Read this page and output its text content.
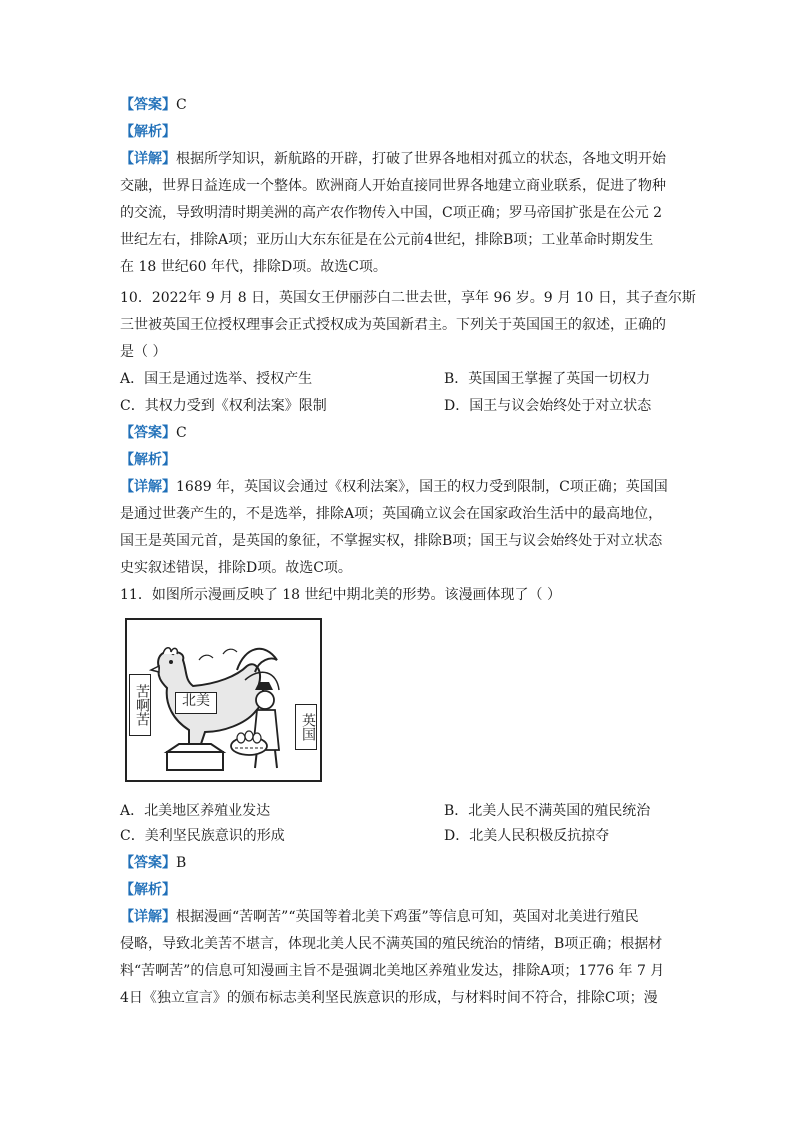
【答案】C
【解析】
【详解】根据所学知识，新航路的开辟，打破了世界各地相对孤立的状态，各地文明开始
交融，世界日益连成一个整体。欧洲商人开始直接同世界各地建立商业联系，促进了物种
的交流，导致明清时期美洲的高产农作物传入中国，C项正确；罗马帝国扩张是在公元 2
世纪左右，排除A项；亚历山大东东征是在公元前4世纪，排除B项；工业革命时期发生
在 18 世纪60 年代，排除D项。故选C项。
10．2022年 9 月 8 日，英国女王伊丽莎白二世去世，享年 96 岁。9 月 10 日，其子查尔斯
三世被英国王位授权理事会正式授权成为英国新君主。下列关于英国国王的叙述，正确的
是（ ）
A．国王是通过选举、授权产生	B．英国国王掌握了英国一切权力
C．其权力受到《权利法案》限制	D．国王与议会始终处于对立状态
【答案】C
【解析】
【详解】1689 年，英国议会通过《权利法案》，国王的权力受到限制，C项正确；英国国
是通过世袭产生的，不是选举，排除A项；英国确立议会在国家政治生活中的最高地位，
国王是英国元首，是英国的象征，不掌握实权，排除B项；国王与议会始终处于对立状态
史实叙述错误，排除D项。故选C项。
11．如图所示漫画反映了 18 世纪中期北美的形势。该漫画体现了（ ）
苦啊苦	北美
英国
A．北美地区养殖业发达	B．北美人民不满英国的殖民统治
C．美利坚民族意识的形成	D．北美人民积极反抗掠夺
【答案】B
【解析】
【详解】根据漫画“苦啊苦”“英国等着北美下鸡蛋”等信息可知，英国对北美进行殖民
侵略，导致北美苦不堪言，体现北美人民不满英国的殖民统治的情绪，B项正确；根据材
料“苦啊苦”的信息可知漫画主旨不是强调北美地区养殖业发达，排除A项；1776 年 7 月
4日《独立宣言》的颁布标志美利坚民族意识的形成，与材料时间不符合，排除C项；漫
